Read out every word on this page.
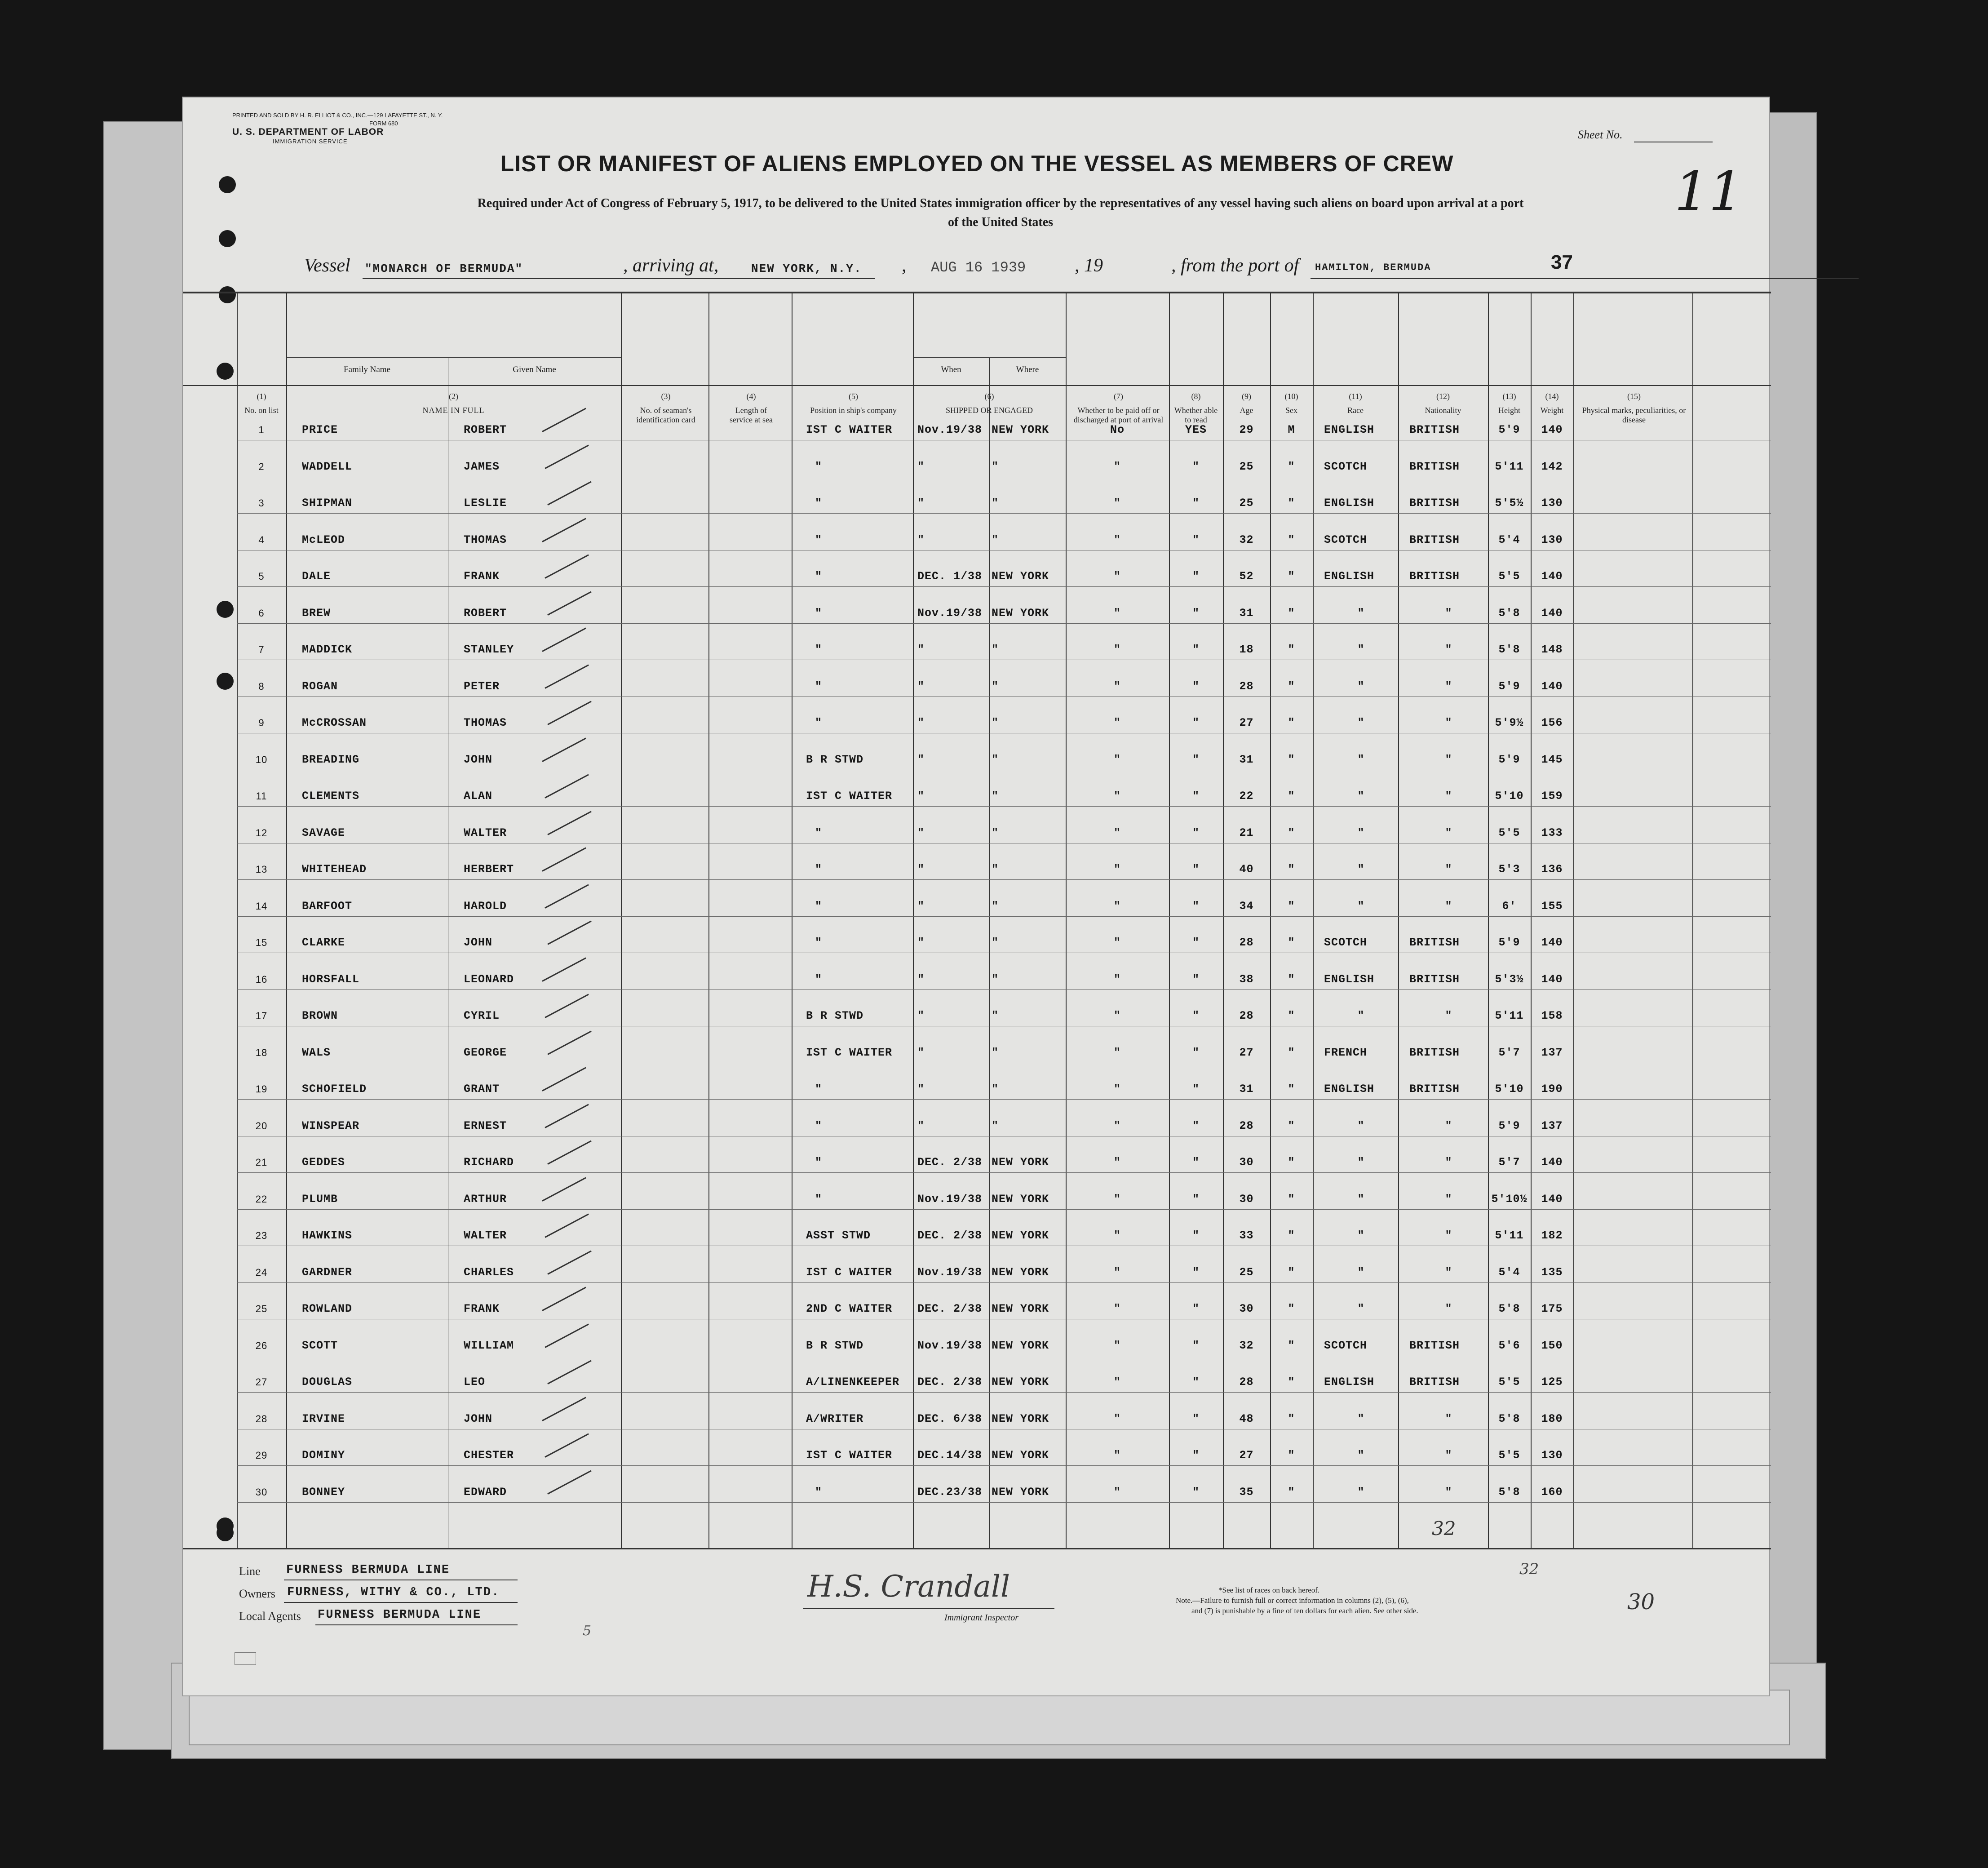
PRINTED AND SOLD BY H. R. ELLIOT & CO., INC.—129 LAFAYETTE ST., N. Y.
FORM 680
U. S. DEPARTMENT OF LABOR
IMMIGRATION SERVICE
Sheet No.
11
LIST OR MANIFEST OF ALIENS EMPLOYED ON THE VESSEL AS MEMBERS OF CREW
Required under Act of Congress of February 5, 1917, to be delivered to the United States immigration officer by the representatives of any vessel having such aliens on board upon arrival at a port
of the United States
Vessel "MONARCH OF BERMUDA"	, arriving at,	NEW YORK, N.Y. , AUG 16 1939	, 19	, from the port of HAMILTON, BERMUDA	37
(1)
No. on list
(2)
NAME IN FULL
Family Name	Given Name
(3)
No. of seaman's identification card
(4)
Length of service at sea
(5)
Position in ship's company
(6)
SHIPPED OR ENGAGED
When	Where
(7)
Whether to be paid off or discharged at port of arrival
(8)
Whether able to read
(9)
Age
(10)
Sex
(11)
Race
(12)
Nationality
(13)
Height
(14)
Weight
(15)
Physical marks, peculiarities, or disease
1	PRICE	ROBERT	IST C WAITER	Nov.19/38 NEW YORK	No	YES	29	M	ENGLISH	BRITISH	5'9	140
2	WADDELL	JAMES	"	"	"	"	"	25	"	SCOTCH	BRITISH	5'11	142
3	SHIPMAN	LESLIE	"	"	"	"	"	25	"	ENGLISH	BRITISH	5'5½	130
4	McLEOD	THOMAS	"	"	"	"	"	32	"	SCOTCH	BRITISH	5'4	130
5	DALE	FRANK	"	DEC. 1/38 NEW YORK	"	"	52	"	ENGLISH	BRITISH	5'5	140
6	BREW	ROBERT	"	Nov.19/38 NEW YORK	"	"	31	"	"	"	5'8	140
7	MADDICK	STANLEY	"	"	"	"	"	18	"	"	"	5'8	148
8	ROGAN	PETER	"	"	"	"	"	28	"	"	"	5'9	140
9	McCROSSAN	THOMAS	"	"	"	"	"	27	"	"	"	5'9½	156
10	BREADING	JOHN	B R STWD	"	"	"	"	31	"	"	"	5'9	145
11	CLEMENTS	ALAN	IST C WAITER	"	"	"	"	22	"	"	"	5'10	159
12	SAVAGE	WALTER	"	"	"	"	"	21	"	"	"	5'5	133
13	WHITEHEAD	HERBERT	"	"	"	"	"	40	"	"	"	5'3	136
14	BARFOOT	HAROLD	"	"	"	"	"	34	"	"	"	6'	155
15	CLARKE	JOHN	"	"	"	"	"	28	"	SCOTCH	BRITISH	5'9	140
16	HORSFALL	LEONARD	"	"	"	"	"	38	"	ENGLISH	BRITISH	5'3½	140
17	BROWN	CYRIL	B R STWD	"	"	"	"	28	"	"	"	5'11	158
18	WALS	GEORGE	IST C WAITER	"	"	"	"	27	"	FRENCH	BRITISH	5'7	137
19	SCHOFIELD	GRANT	"	"	"	"	"	31	"	ENGLISH	BRITISH	5'10	190
20	WINSPEAR	ERNEST	"	"	"	"	"	28	"	"	"	5'9	137
21	GEDDES	RICHARD	"	DEC. 2/38 NEW YORK	"	"	30	"	"	"	5'7	140
22	PLUMB	ARTHUR	"	Nov.19/38 NEW YORK	"	"	30	"	"	"	5'10½	140
23	HAWKINS	WALTER	ASST STWD	DEC. 2/38 NEW YORK	"	"	33	"	"	"	5'11	182
24	GARDNER	CHARLES	IST C WAITER	Nov.19/38 NEW YORK	"	"	25	"	"	"	5'4	135
25	ROWLAND	FRANK	2ND C WAITER	DEC. 2/38 NEW YORK	"	"	30	"	"	"	5'8	175
26	SCOTT	WILLIAM	B R STWD	Nov.19/38 NEW YORK	"	"	32	"	SCOTCH	BRITISH	5'6	150
27	DOUGLAS	LEO	A/LINENKEEPER	DEC. 2/38 NEW YORK	"	"	28	"	ENGLISH	BRITISH	5'5	125
28	IRVINE	JOHN	A/WRITER	DEC. 6/38 NEW YORK	"	"	48	"	"	"	5'8	180
29	DOMINY	CHESTER	IST C WAITER	DEC.14/38 NEW YORK	"	"	27	"	"	"	5'5	130
30	BONNEY	EDWARD	"	DEC.23/38 NEW YORK	"	"	35	"	"	"	5'8	160
32
Line FURNESS BERMUDA LINE
Owners FURNESS, WITHY & CO., LTD.
Local Agents FURNESS BERMUDA LINE
H.S. Crandall
Immigrant Inspector
*See list of races on back hereof.
Note.—Failure to furnish full or correct information in columns (2), (5), (6),
and (7) is punishable by a fine of ten dollars for each alien. See other side.
32
30
5
